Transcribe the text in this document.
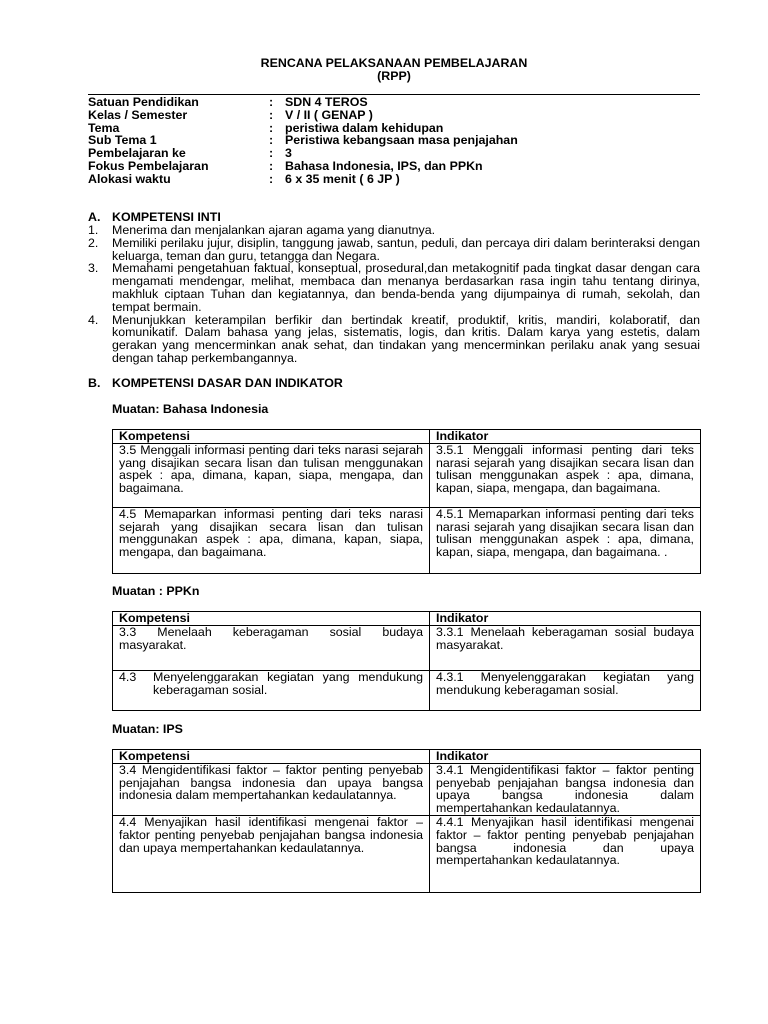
RENCANA PELAKSANAAN PEMBELAJARAN
(RPP)
Satuan Pendidikan	: SDN 4 TEROS
Kelas / Semester	: V / II ( GENAP )
Tema	: peristiwa dalam kehidupan
Sub Tema 1	: Peristiwa kebangsaan masa penjajahan
Pembelajaran ke	: 3
Fokus Pembelajaran	: Bahasa Indonesia, IPS, dan PPKn
Alokasi waktu	: 6 x 35 menit ( 6 JP )
A. KOMPETENSI INTI
1.	Menerima dan menjalankan ajaran agama yang dianutnya.
2.	Memiliki perilaku jujur, disiplin, tanggung jawab, santun, peduli, dan percaya diri dalam berinteraksi dengan keluarga, teman dan guru, tetangga dan Negara.
3.	Memahami pengetahuan faktual, konseptual, prosedural,dan metakognitif pada tingkat dasar dengan cara mengamati mendengar, melihat, membaca dan menanya berdasarkan rasa ingin tahu tentang dirinya, makhluk ciptaan Tuhan dan kegiatannya, dan benda-benda yang dijumpainya di rumah, sekolah, dan tempat bermain.
4.	Menunjukkan keterampilan berfikir dan bertindak kreatif, produktif, kritis, mandiri, kolaboratif, dan komunikatif. Dalam bahasa yang jelas, sistematis, logis, dan kritis. Dalam karya yang estetis, dalam gerakan yang mencerminkan anak sehat, dan tindakan yang mencerminkan perilaku anak yang sesuai dengan tahap perkembangannya.
B. KOMPETENSI DASAR DAN INDIKATOR
Muatan: Bahasa Indonesia
Kompetensi	Indikator
3.5 Menggali informasi penting dari teks narasi sejarah yang disajikan secara lisan dan tulisan menggunakan aspek : apa, dimana, kapan, siapa, mengapa, dan bagaimana.	3.5.1 Menggali informasi penting dari teks narasi sejarah yang disajikan secara lisan dan tulisan menggunakan aspek : apa, dimana, kapan, siapa, mengapa, dan bagaimana.
4.5 Memaparkan informasi penting dari teks narasi sejarah yang disajikan secara lisan dan tulisan menggunakan aspek : apa, dimana, kapan, siapa, mengapa, dan bagaimana.	4.5.1 Memaparkan informasi penting dari teks narasi sejarah yang disajikan secara lisan dan tulisan menggunakan aspek : apa, dimana, kapan, siapa, mengapa, dan bagaimana. .
Muatan : PPKn
Kompetensi	Indikator
3.3 Menelaah keberagaman sosial budaya masyarakat.	3.3.1 Menelaah keberagaman sosial budaya masyarakat.

4.3 Menyelenggarakan kegiatan yang mendukung keberagaman sosial.	4.3.1 Menyelenggarakan kegiatan yang mendukung keberagaman sosial.
Muatan: IPS
Kompetensi	Indikator
3.4 Mengidentifikasi faktor – faktor penting penyebab penjajahan bangsa indonesia dan upaya bangsa indonesia dalam mempertahankan kedaulatannya.	3.4.1 Mengidentifikasi faktor – faktor penting penyebab penjajahan bangsa indonesia dan upaya bangsa indonesia dalam mempertahankan kedaulatannya.
4.4 Menyajikan hasil identifikasi mengenai faktor – faktor penting penyebab penjajahan bangsa indonesia dan upaya mempertahankan kedaulatannya.	4.4.1 Menyajikan hasil identifikasi mengenai faktor – faktor penting penyebab penjajahan bangsa indonesia dan upaya mempertahankan kedaulatannya.
